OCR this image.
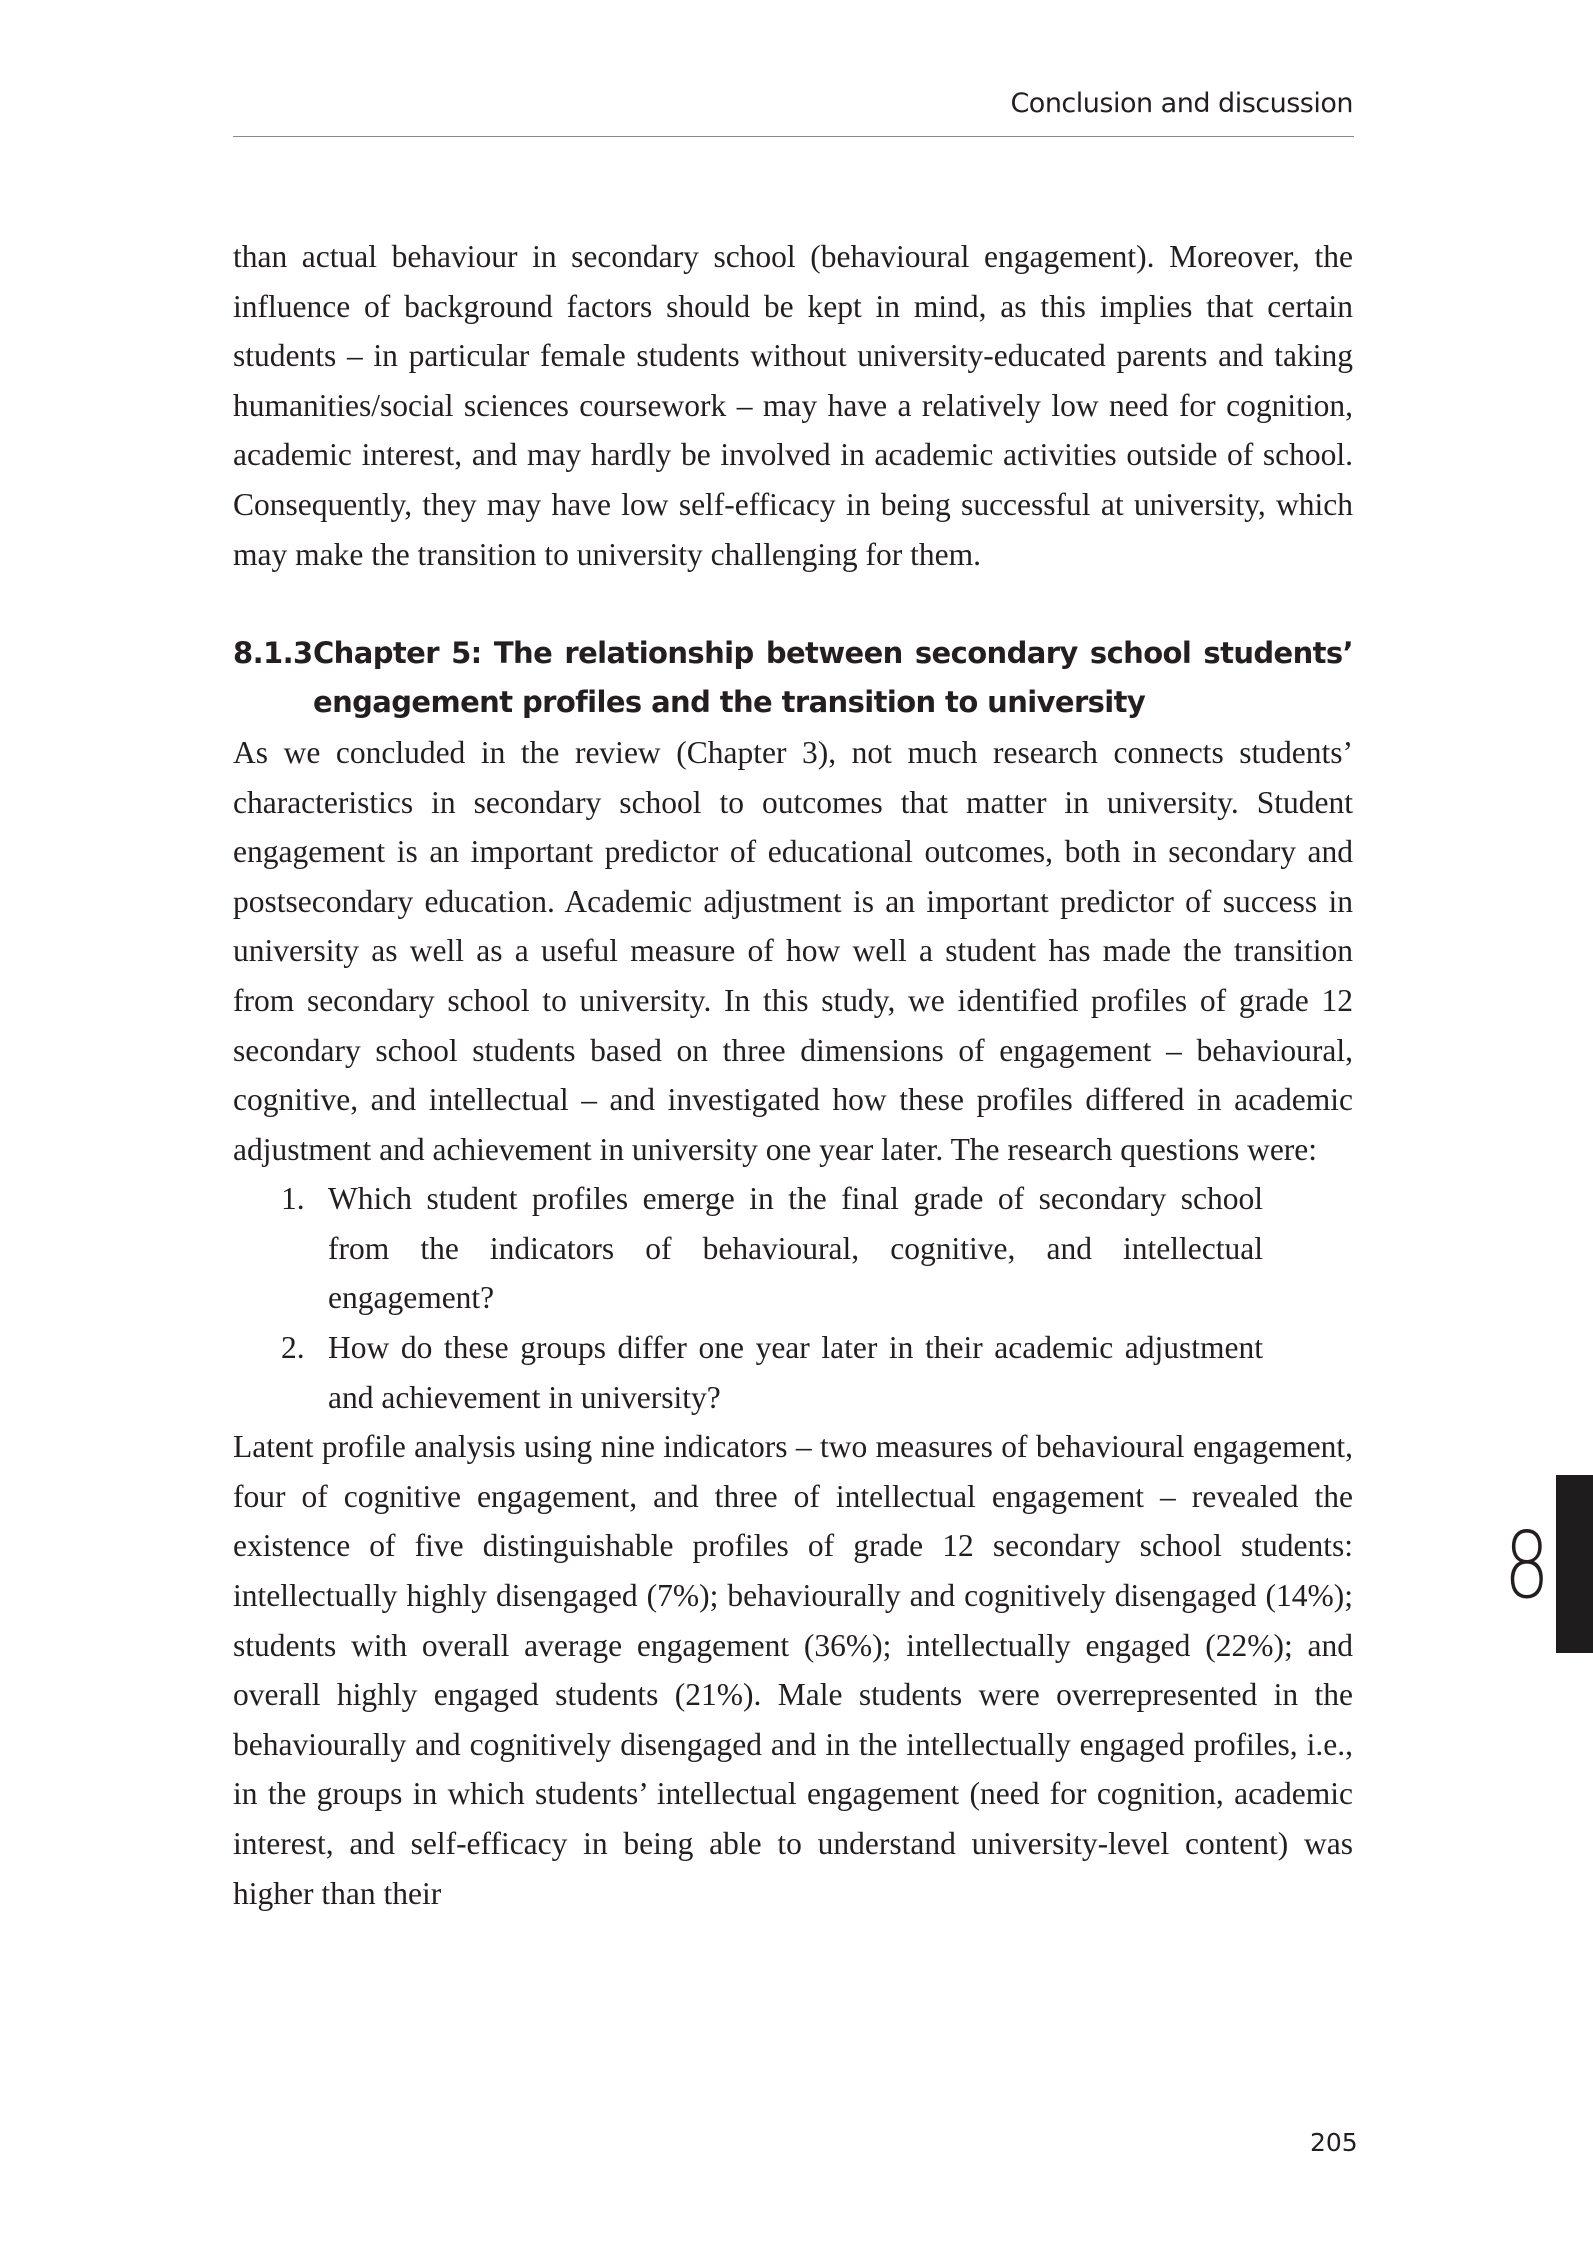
Conclusion and discussion

than actual behaviour in secondary school (behavioural engagement). Moreover, the influence of background factors should be kept in mind, as this implies that certain students – in particular female students without university-educated parents and taking humanities/social sciences coursework – may have a relatively low need for cognition, academic interest, and may hardly be involved in academic activities outside of school. Consequently, they may have low self-efficacy in being successful at university, which may make the transition to university challenging for them.

8.1.3 Chapter 5: The relationship between secondary school students’
engagement profiles and the transition to university

As we concluded in the review (Chapter 3), not much research connects students’ characteristics in secondary school to outcomes that matter in university. Student engagement is an important predictor of educational outcomes, both in secondary and postsecondary education. Academic adjustment is an important predictor of success in university as well as a useful measure of how well a student has made the transition from secondary school to university. In this study, we identified profiles of grade 12 secondary school students based on three dimensions of engagement – behavioural, cognitive, and intellectual – and investigated how these profiles differed in academic adjustment and achievement in university one year later. The research questions were:

1. Which student profiles emerge in the final grade of secondary school from the indicators of behavioural, cognitive, and intellectual engagement?
2. How do these groups differ one year later in their academic adjustment and achievement in university?

Latent profile analysis using nine indicators – two measures of behavioural engagement, four of cognitive engagement, and three of intellectual engagement – revealed the existence of five distinguishable profiles of grade 12 secondary school students: intellectually highly disengaged (7%); behaviourally and cognitively disengaged (14%); students with overall average engagement (36%); intellectually engaged (22%); and overall highly engaged students (21%). Male students were overrepresented in the behaviourally and cognitively disengaged and in the intellectually engaged profiles, i.e., in the groups in which students’ intellectual engagement (need for cognition, academic interest, and self-efficacy in being able to understand university-level content) was higher than their

8
205
